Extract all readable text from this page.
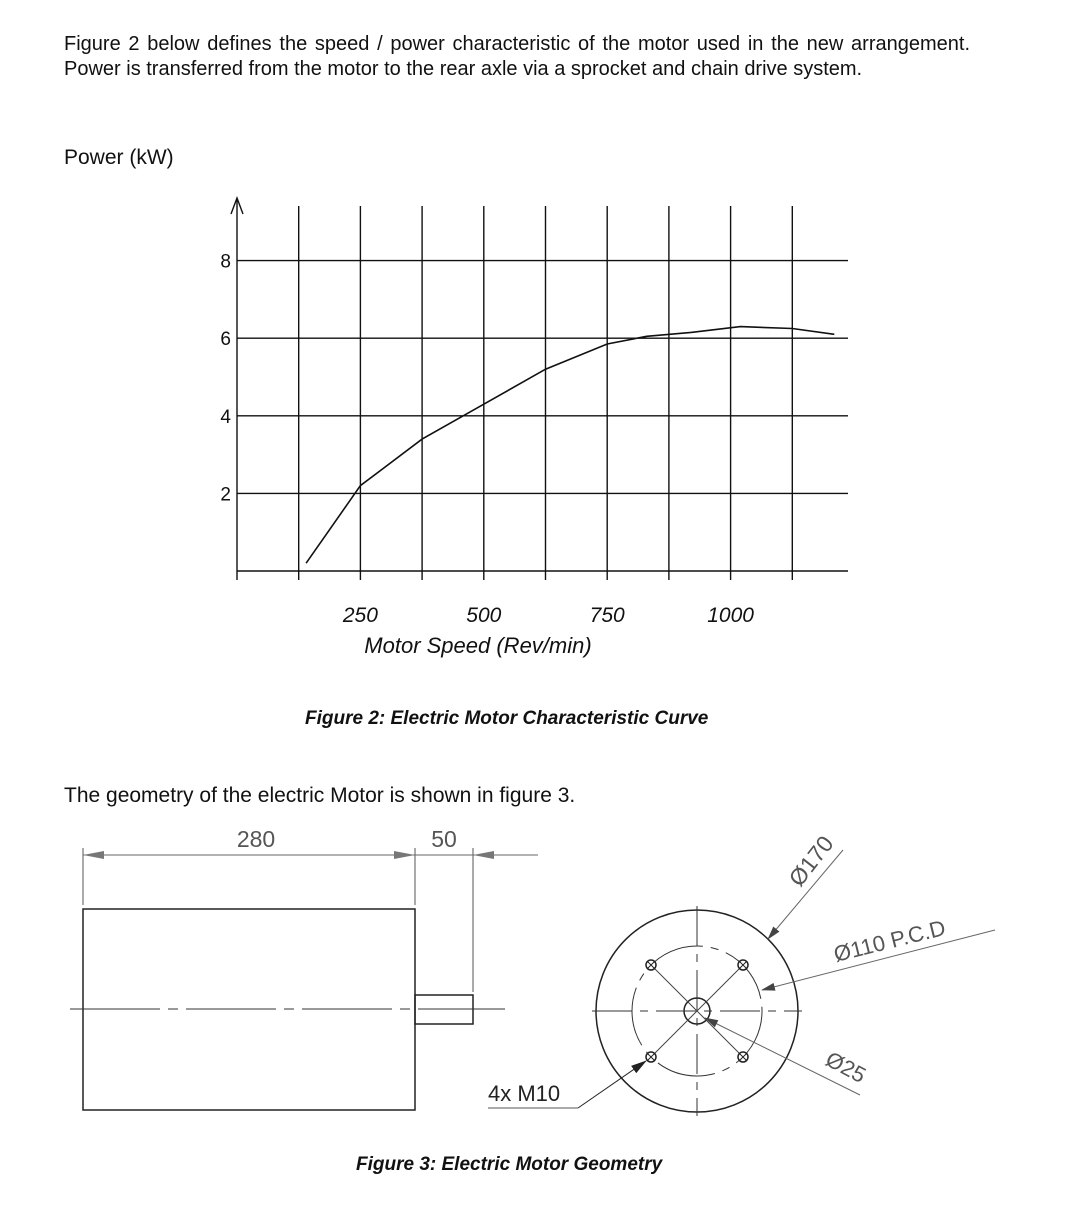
Figure 2 below defines the speed / power characteristic of the motor used in the new arrangement. Power is transferred from the motor to the rear axle via a sprocket and chain drive system.
Power (kW)
8
6
4
2
250	500	750	1000
Motor Speed (Rev/min)
Figure 2: Electric Motor Characteristic Curve
The geometry of the electric Motor is shown in figure 3.
280	50	Ø170
Ø110 P.C.D
Ø25
4x M10
Figure 3: Electric Motor Geometry
